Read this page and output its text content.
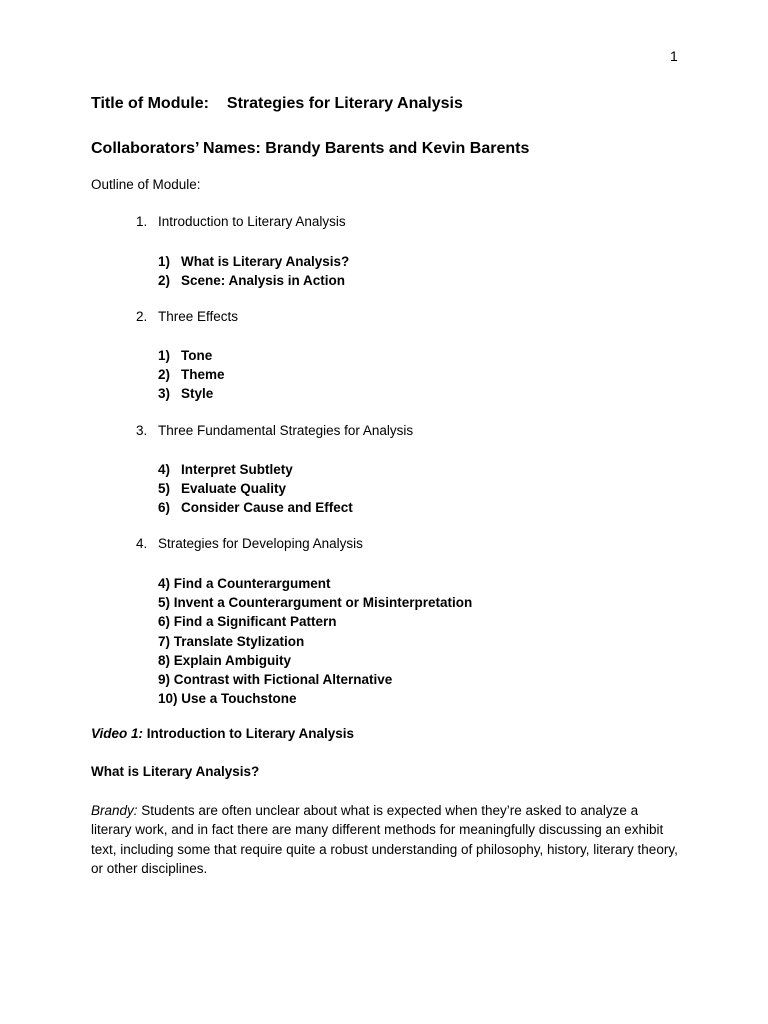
1
Title of Module: Strategies for Literary Analysis
Collaborators’ Names: Brandy Barents and Kevin Barents
Outline of Module:
1. Introduction to Literary Analysis
1) What is Literary Analysis?
2) Scene: Analysis in Action
2. Three Effects
1) Tone
2) Theme
3) Style
3. Three Fundamental Strategies for Analysis
4) Interpret Subtlety
5) Evaluate Quality
6) Consider Cause and Effect
4. Strategies for Developing Analysis
4) Find a Counterargument
5) Invent a Counterargument or Misinterpretation
6) Find a Significant Pattern
7) Translate Stylization
8) Explain Ambiguity
9) Contrast with Fictional Alternative
10) Use a Touchstone
Video 1: Introduction to Literary Analysis
What is Literary Analysis?
Brandy: Students are often unclear about what is expected when they’re asked to analyze a literary work, and in fact there are many different methods for meaningfully discussing an exhibit text, including some that require quite a robust understanding of philosophy, history, literary theory, or other disciplines.
